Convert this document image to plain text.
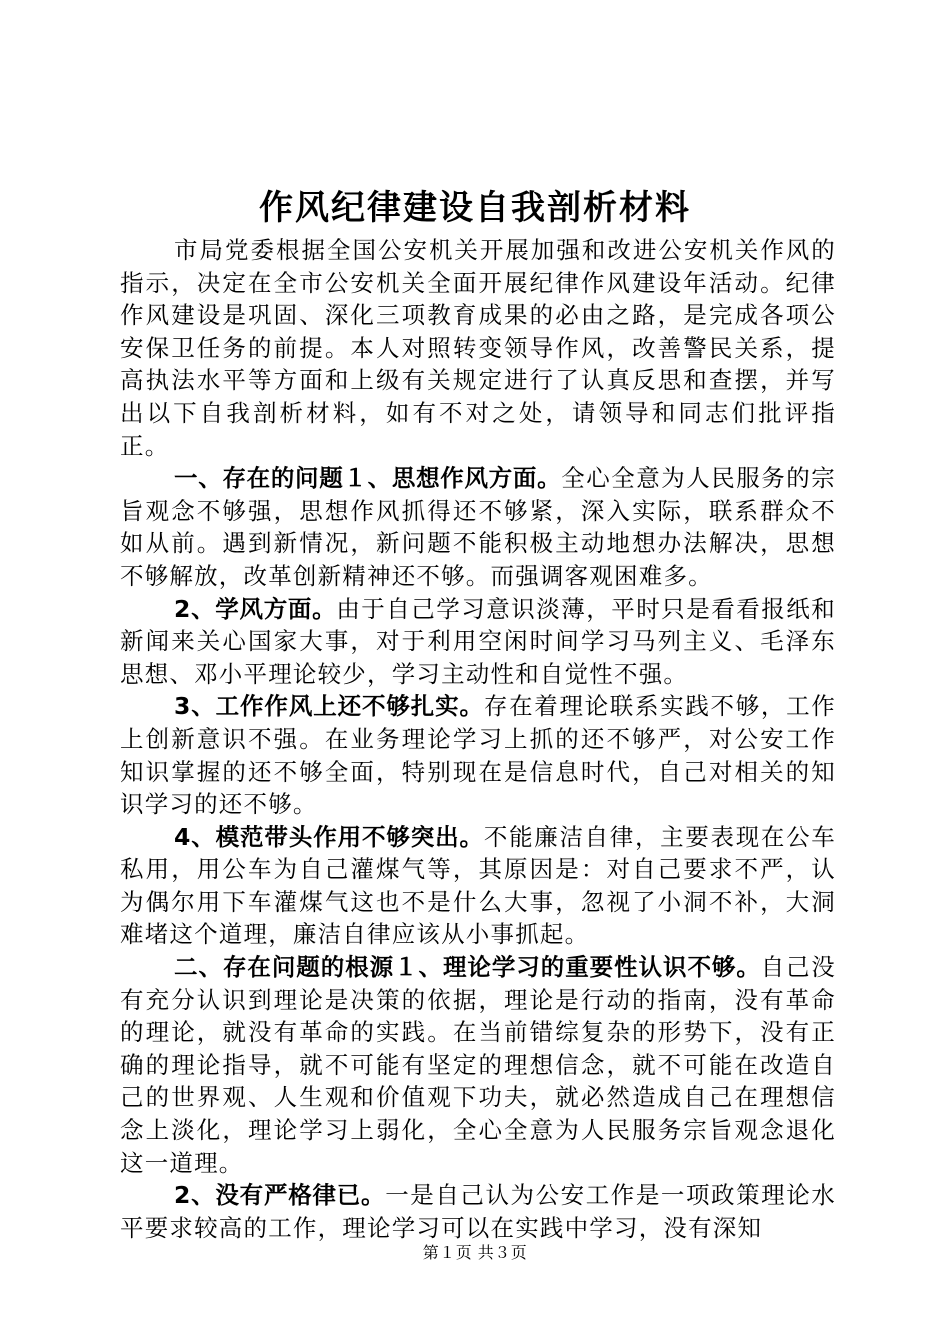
作风纪律建设自我剖析材料

市局党委根据全国公安机关开展加强和改进公安机关作风的指示，决定在全市公安机关全面开展纪律作风建设年活动。纪律作风建设是巩固、深化三项教育成果的必由之路，是完成各项公安保卫任务的前提。本人对照转变领导作风，改善警民关系，提高执法水平等方面和上级有关规定进行了认真反思和查摆，并写出以下自我剖析材料，如有不对之处，请领导和同志们批评指正。

一、存在的问题１、思想作风方面。全心全意为人民服务的宗旨观念不够强，思想作风抓得还不够紧，深入实际，联系群众不如从前。遇到新情况，新问题不能积极主动地想办法解决，思想不够解放，改革创新精神还不够。而强调客观困难多。

2、学风方面。由于自己学习意识淡薄，平时只是看看报纸和新闻来关心国家大事，对于利用空闲时间学习马列主义、毛泽东思想、邓小平理论较少，学习主动性和自觉性不强。

3、工作作风上还不够扎实。存在着理论联系实践不够，工作上创新意识不强。在业务理论学习上抓的还不够严，对公安工作知识掌握的还不够全面，特别现在是信息时代，自己对相关的知识学习的还不够。

4、模范带头作用不够突出。不能廉洁自律，主要表现在公车私用，用公车为自己灌煤气等，其原因是：对自己要求不严，认为偶尔用下车灌煤气这也不是什么大事，忽视了小洞不补，大洞难堵这个道理，廉洁自律应该从小事抓起。

二、存在问题的根源１、理论学习的重要性认识不够。自己没有充分认识到理论是决策的依据，理论是行动的指南，没有革命的理论，就没有革命的实践。在当前错综复杂的形势下，没有正确的理论指导，就不可能有坚定的理想信念，就不可能在改造自己的世界观、人生观和价值观下功夫，就必然造成自己在理想信念上淡化，理论学习上弱化，全心全意为人民服务宗旨观念退化这一道理。

2、没有严格律已。一是自己认为公安工作是一项政策理论水平要求较高的工作，理论学习可以在实践中学习，没有深知

第１页 共３页
